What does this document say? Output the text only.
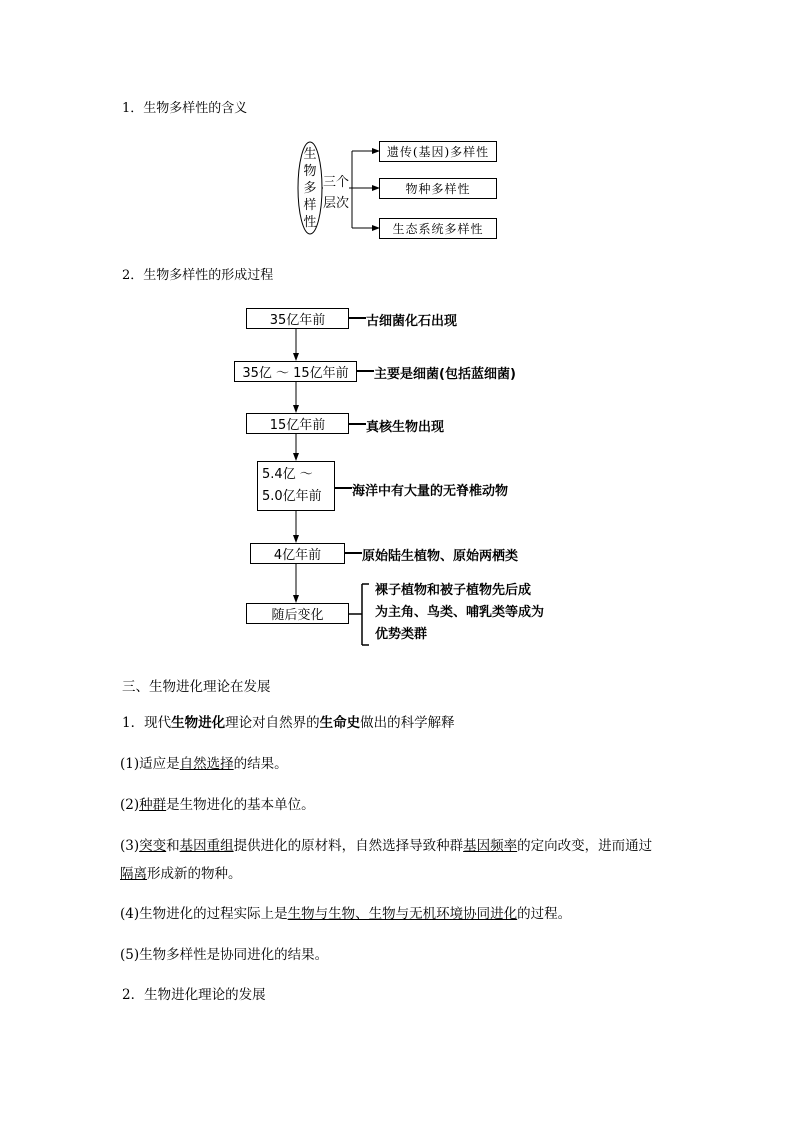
1．生物多样性的含义
生
物
多
样
性
三个
层次
遗传(基因)多样性
物种多样性
生态系统多样性
2．生物多样性的形成过程
35亿年前	古细菌化石出现
35亿 ～ 15亿年前	主要是细菌(包括蓝细菌)
15亿年前	真核生物出现
5.4亿 ～
5.0亿年前 海洋中有大量的无脊椎动物
4亿年前	原始陆生植物、原始两栖类
随后变化
裸子植物和被子植物先后成
为主角、鸟类、哺乳类等成为
优势类群
三、生物进化理论在发展
1．现代生物进化理论对自然界的生命史做出的科学解释
(1)适应是自然选择的结果。
(2)种群是生物进化的基本单位。
(3)突变和基因重组提供进化的原材料，自然选择导致种群基因频率的定向改变，进而通过
隔离形成新的物种。
(4)生物进化的过程实际上是生物与生物、生物与无机环境协同进化的过程。
(5)生物多样性是协同进化的结果。
2．生物进化理论的发展
